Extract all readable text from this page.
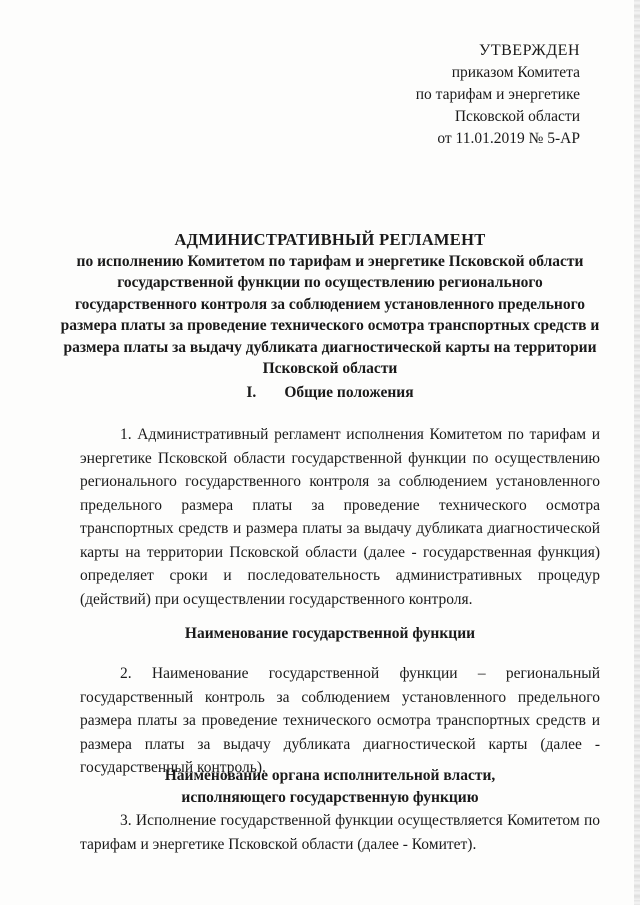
УТВЕРЖДЕН
приказом Комитета
по тарифам и энергетике
Псковской области
от 11.01.2019 № 5-АР
АДМИНИСТРАТИВНЫЙ РЕГЛАМЕНТ
по исполнению Комитетом по тарифам и энергетике Псковской области государственной функции по осуществлению регионального государственного контроля за соблюдением установленного предельного размера платы за проведение технического осмотра транспортных средств и размера платы за выдачу дубликата диагностической карты на территории Псковской области
I. Общие положения
1. Административный регламент исполнения Комитетом по тарифам и энергетике Псковской области государственной функции по осуществлению регионального государственного контроля за соблюдением установленного предельного размера платы за проведение технического осмотра транспортных средств и размера платы за выдачу дубликата диагностической карты на территории Псковской области (далее - государственная функция) определяет сроки и последовательность административных процедур (действий) при осуществлении государственного контроля.
Наименование государственной функции
2. Наименование государственной функции – региональный государственный контроль за соблюдением установленного предельного размера платы за проведение технического осмотра транспортных средств и размера платы за выдачу дубликата диагностической карты (далее - государственный контроль).
Наименование органа исполнительной власти, исполняющего государственную функцию
3. Исполнение государственной функции осуществляется Комитетом по тарифам и энергетике Псковской области (далее - Комитет).
